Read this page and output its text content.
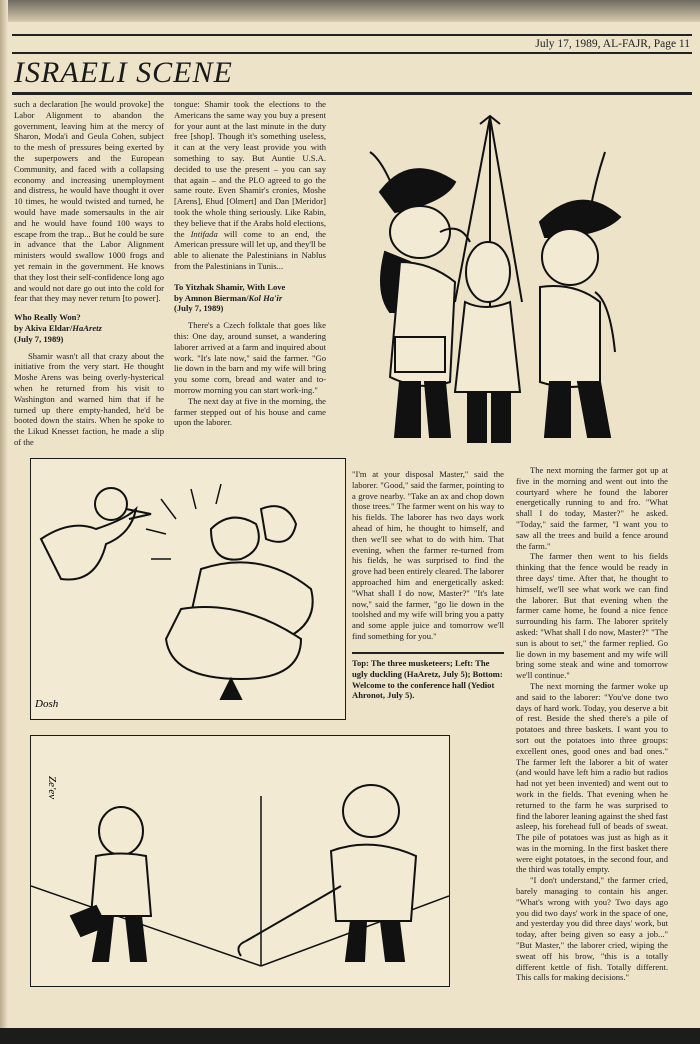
July 17, 1989, AL-FAJR, Page 11
ISRAELI SCENE

such a declaration [he would provoke] the Labor Alignment to abandon the government, leaving him at the mercy of Sharon, Moda'i and Geula Cohen, subject to the mesh of pressures being exerted by the superpowers and the European Community, and faced with a collapsing economy and increasing unemployment and distress, he would have thought it over 10 times, he would twisted and turned, he would have made somersaults in the air and he would have found 100 ways to escape from the trap... But he could be sure in advance that the Labor Alignment ministers would swallow 1000 frogs and yet remain in the government. He knows that they lost their self-confidence long ago and would not dare go out into the cold for fear that they may never return [to power].

Who Really Won?
by Akiva Eldar/HaAretz
(July 7, 1989)

Shamir wasn't all that crazy about the initiative from the very start. He thought Moshe Arens was being overly-hysterical when he returned from his visit to Washington and warned him that if he turned up there empty-handed, he'd be booted down the stairs. When he spoke to the Likud Knesset faction, he made a slip of the

tongue: Shamir took the elections to the Americans the same way you buy a present for your aunt at the last minute in the duty free [shop]. Though it's something useless, it can at the very least provide you with something to say. But Auntie U.S.A. decided to use the present – you can say that again – and the PLO agreed to go the same route. Even Shamir's cronies, Moshe [Arens], Ehud [Olmert] and Dan [Meridor] took the whole thing seriously. Like Rabin, they believe that if the Arabs hold elections, the Intifada will come to an end, the American pressure will let up, and they'll be able to alienate the Palestinians in Nablus from the Palestinians in Tunis...

To Yitzhak Shamir, With Love
by Amnon Bierman/Kol Ha'ir
(July 7, 1989)

There's a Czech folktale that goes like this: One day, around sunset, a wandering laborer arrived at a farm and inquired about work. "It's late now," said the farmer. "Go lie down in the barn and my wife will bring you some corn, bread and water and to-morrow morning you can start work-ing."

The next day at five in the morning, the farmer stepped out of his house and came upon the laborer.

Dosh

"I'm at your disposal Master," said the laborer. "Good," said the farmer, pointing to a grove nearby. "Take an ax and chop down those trees." The farmer went on his way to his fields. The laborer has two days work ahead of him, he thought to himself, and then we'll see what to do with him. That evening, when the farmer re-turned from his fields, he was surprised to find the grove had been entirely cleared. The laborer approached him and energetically asked: "What shall I do now, Master?" "It's late now," said the farmer, "go lie down in the toolshed and my wife will bring you a patty and some apple juice and tomorrow we'll find something for you."

Top: The three musketeers; Left: The ugly duckling (HaAretz, July 5); Bottom: Welcome to the conference hall (Yediot Ahronot, July 5).

The next morning the farmer got up at five in the morning and went out into the courtyard where he found the laborer energetically running to and fro. "What shall I do today, Master?" he asked. "Today," said the farmer, "I want you to saw all the trees and build a fence around the farm."

The farmer then went to his fields thinking that the fence would be ready in three days' time. After that, he thought to himself, we'll see what work we can find the laborer. But that evening when the farmer came home, he found a nice fence surrounding his farm. The laborer spritely asked: "What shall I do now, Master?" "The sun is about to set," the farmer replied. Go lie down in my basement and my wife will bring some steak and wine and tomorrow we'll continue."

The next morning the farmer woke up and said to the laborer: "You've done two days of hard work. Today, you deserve a bit of rest. Beside the shed there's a pile of potatoes and three baskets. I want you to sort out the potatoes into three groups: excellent ones, good ones and bad ones." The farmer left the laborer a bit of water (and would have left him a radio but radios had not yet been invented) and went out to work in the fields. That evening when he returned to the farm he was surprised to find the laborer leaning against the shed fast asleep, his forehead full of beads of sweat. The pile of potatoes was just as high as it was in the morning. In the first basket there were eight potatoes, in the second four, and the third was totally empty.

"I don't understand," the farmer cried, barely managing to contain his anger. "What's wrong with you? Two days ago you did two days' work in the space of one, and yesterday you did three days' work, but today, after being given so easy a job..." "But Master," the laborer cried, wiping the sweat off his brow, "this is a totally different kettle of fish. Totally different. This calls for making decisions."

Ze'ev
